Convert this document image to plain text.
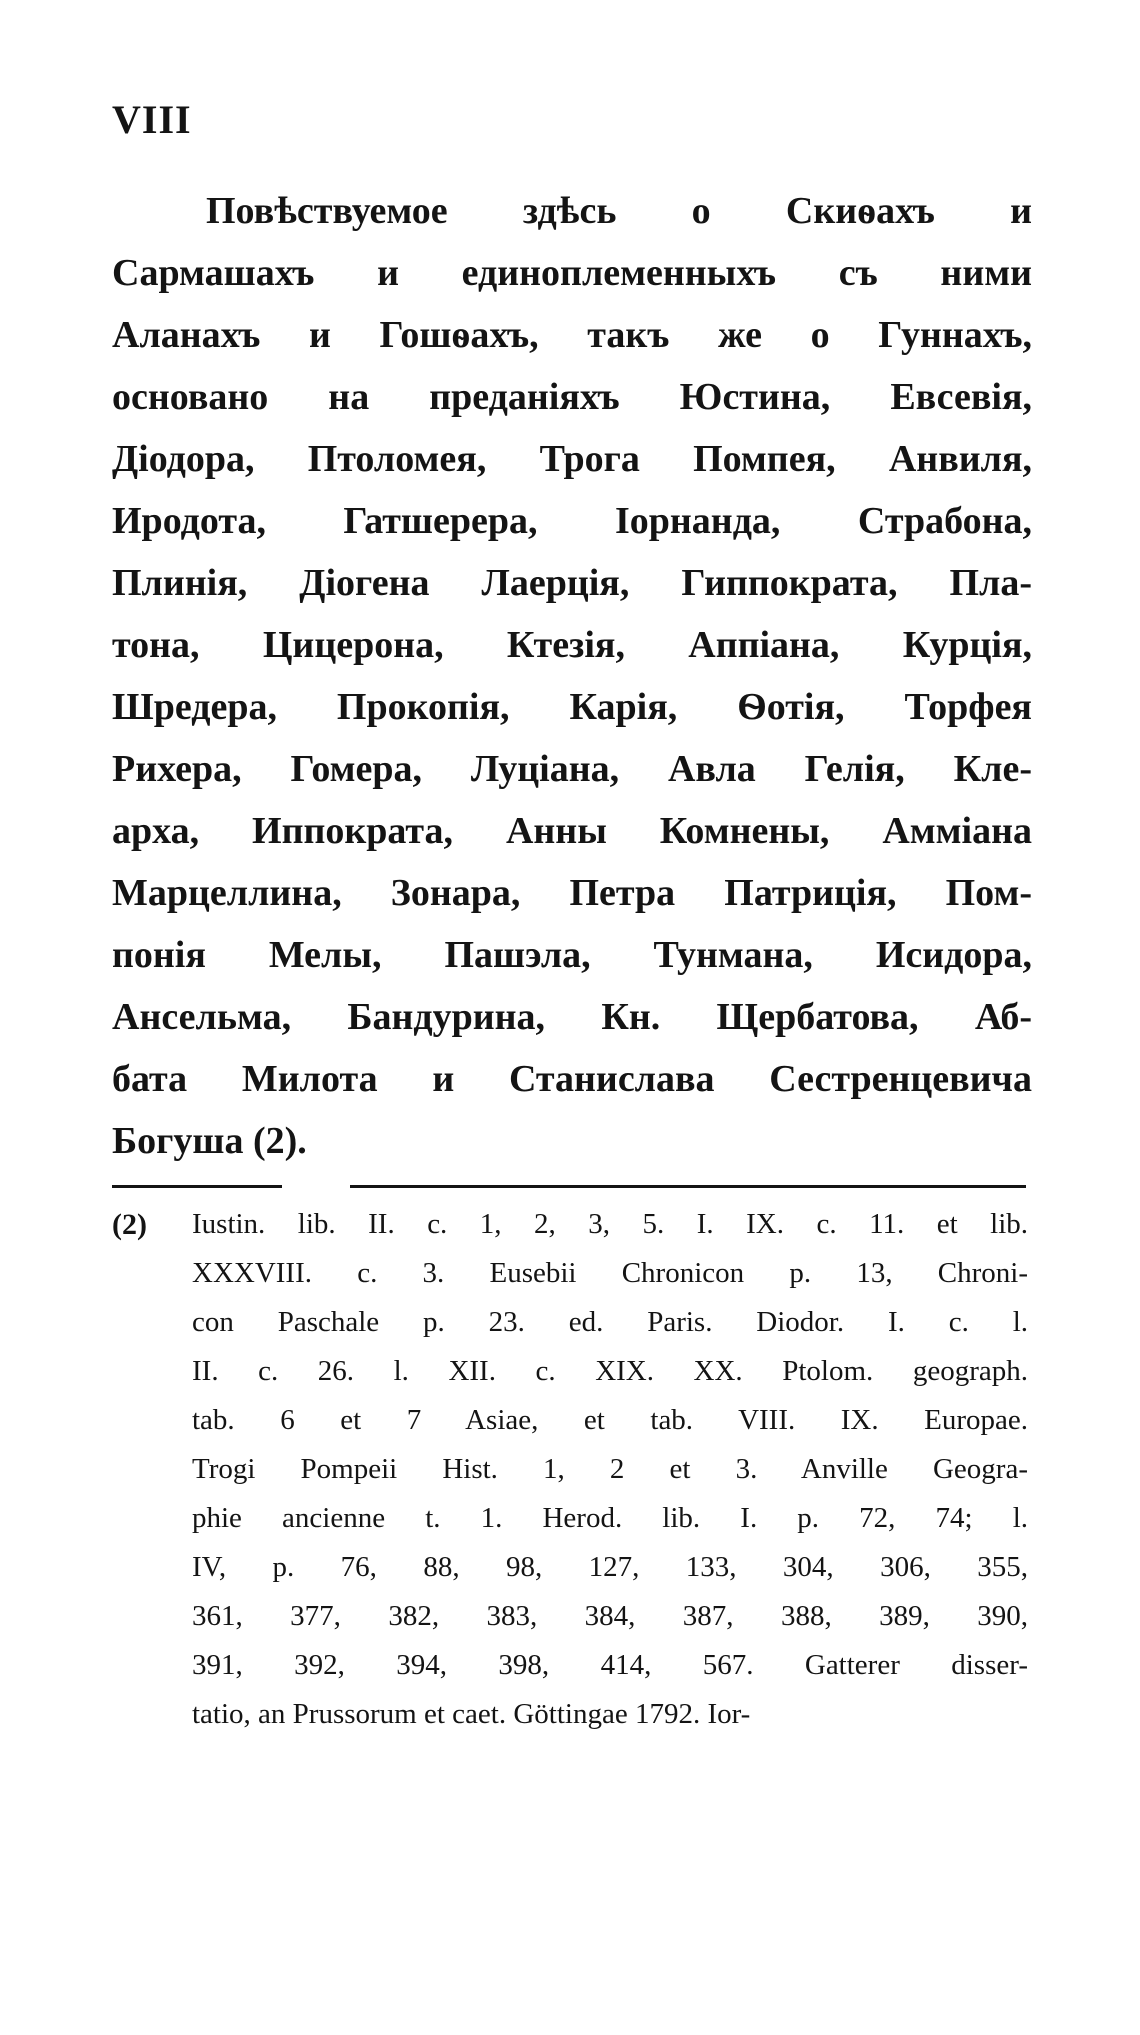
VIII

Повѣствуемое здѣсь о Скиѳахъ и
Сармашахъ и единоплеменныхъ съ ними
Аланахъ и Гошѳахъ, такъ же о Гуннахъ,
основано на преданіяхъ Юстина, Евсевія,
Діодора, Птоломея, Трога Помпея, Анвиля,
Иродота, Гатшерера, Iорнанда, Страбона,
Плинія, Діогена Лаерція, Гиппократа, Пла-
тона, Цицерона, Ктезія, Аппіана, Курція,
Шредера, Прокопія, Карія, Ѳотія, Торфея
Рихера, Гомера, Луціана, Авла Гелія, Кле-
арха, Иппократа, Анны Комнены, Аммiана
Марцеллина, Зонара, Петра Патриція, Пом-
понія Мелы, Пашэла, Тунмана, Исидора,
Ансельма, Бандурина, Кн. Щербатова, Аб-
бата Милота и Станислава Сестренцевича
Богуша (2).
(2) Iustin. lib. II. c. 1, 2, 3, 5. I. IX. c. 11. et lib.
XXXVIII. c. 3. Eusebii Chronicon p. 13, Chroni-
con Paschale p. 23. ed. Paris. Diodor. I. c. l.
II. c. 26. l. XII. c. XIX. XX. Ptolom. geograph.
tab. 6 et 7 Asiae, et tab. VIII. IX. Europae.
Trogi Pompeii Hist. 1, 2 et 3. Anville Geogra-
phie ancienne t. 1. Herod. lib. I. p. 72, 74; l.
IV, p. 76, 88, 98, 127, 133, 304, 306, 355,
361, 377, 382, 383, 384, 387, 388, 389, 390,
391, 392, 394, 398, 414, 567. Gatterer disser-
tatio, an Prussorum et caet. Göttingae 1792. Ior-
